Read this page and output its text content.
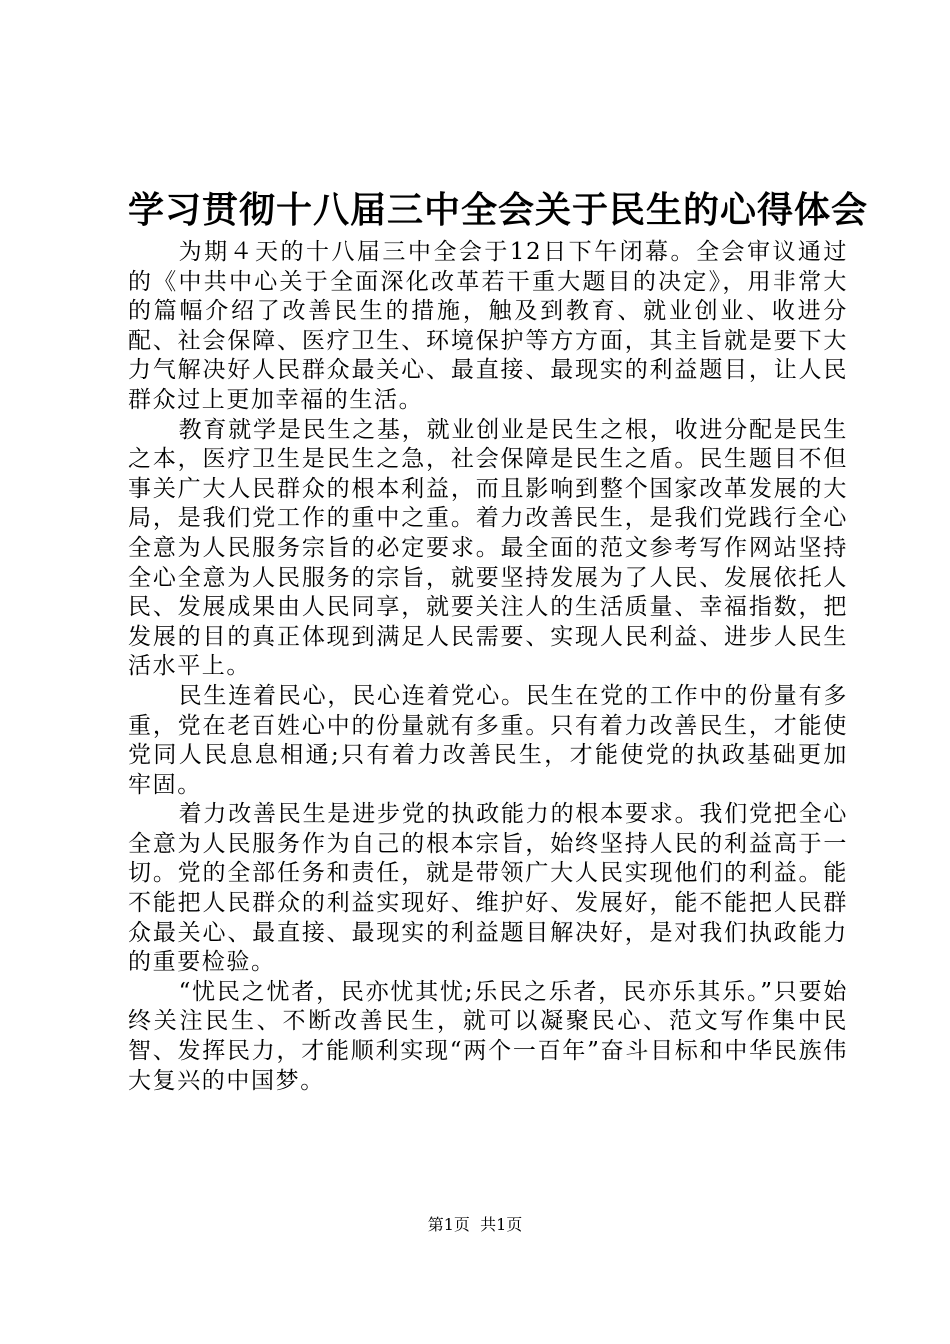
学习贯彻十八届三中全会关于民生的心得体会

为期４天的十八届三中全会于12日下午闭幕。全会审议通过的《中共中心关于全面深化改革若干重大题目的决定》，用非常大的篇幅介绍了改善民生的措施，触及到教育、就业创业、收进分配、社会保障、医疗卫生、环境保护等方方面，其主旨就是要下大力气解决好人民群众最关心、最直接、最现实的利益题目，让人民群众过上更加幸福的生活。

教育就学是民生之基，就业创业是民生之根，收进分配是民生之本，医疗卫生是民生之急，社会保障是民生之盾。民生题目不但事关广大人民群众的根本利益，而且影响到整个国家改革发展的大局，是我们党工作的重中之重。着力改善民生，是我们党践行全心全意为人民服务宗旨的必定要求。最全面的范文参考写作网站坚持全心全意为人民服务的宗旨，就要坚持发展为了人民、发展依托人民、发展成果由人民同享，就要关注人的生活质量、幸福指数，把发展的目的真正体现到满足人民需要、实现人民利益、进步人民生活水平上。

民生连着民心，民心连着党心。民生在党的工作中的份量有多重，党在老百姓心中的份量就有多重。只有着力改善民生，才能使党同人民息息相通;只有着力改善民生，才能使党的执政基础更加牢固。

着力改善民生是进步党的执政能力的根本要求。我们党把全心全意为人民服务作为自己的根本宗旨，始终坚持人民的利益高于一切。党的全部任务和责任，就是带领广大人民实现他们的利益。能不能把人民群众的利益实现好、维护好、发展好，能不能把人民群众最关心、最直接、最现实的利益题目解决好，是对我们执政能力的重要检验。

“忧民之忧者，民亦忧其忧;乐民之乐者，民亦乐其乐。”只要始终关注民生、不断改善民生，就可以凝聚民心、范文写作集中民智、发挥民力，才能顺利实现“两个一百年”奋斗目标和中华民族伟大复兴的中国梦。

第1页  共1页
